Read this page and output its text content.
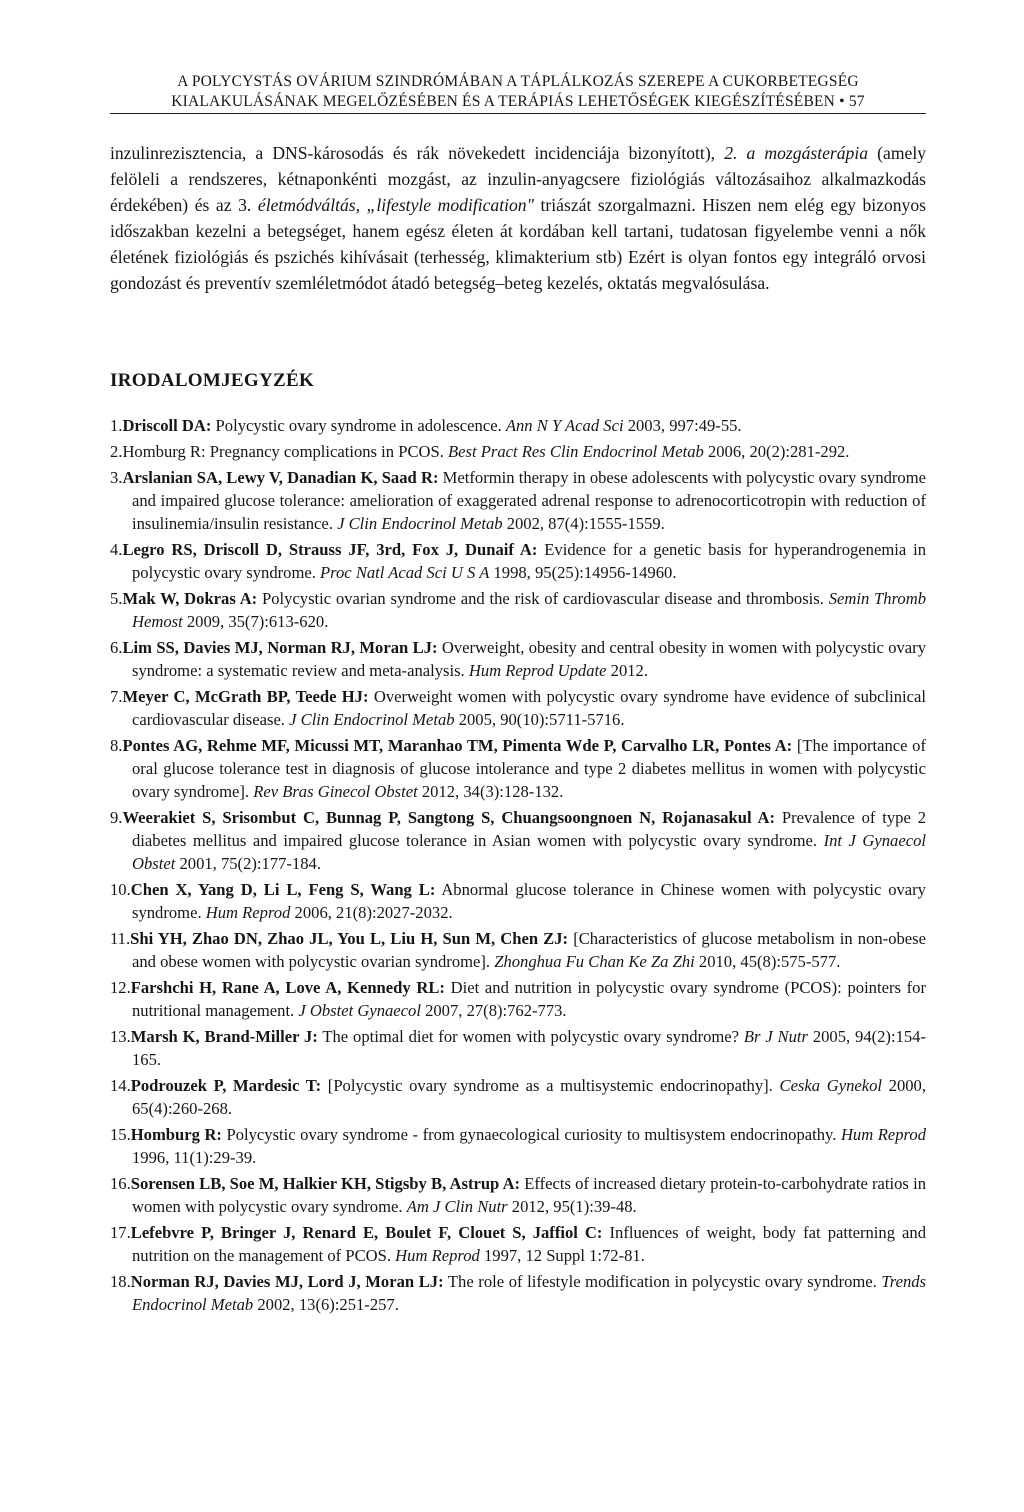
A POLYCYSTÁS OVÁRIUM SZINDRÓMÁBAN A TÁPLÁLKOZÁS SZEREPE A CUKORBETEGSÉG
KIALAKULÁSÁNAK MEGELŐZÉSÉBEN ÉS A TERÁPIÁS LEHETŐSÉGEK KIEGÉSZÍTÉSÉBEN • 57

inzulinrezisztencia, a DNS-károsodás és rák növekedett incidenciája bizonyított), 2. a mozgásterápia (amely felöleli a rendszeres, kétnaponkénti mozgást, az inzulin-anyagcsere fiziológiás változásaihoz alkalmazkodás érdekében) és az 3. életmódváltás, „lifestyle modification" triászát szorgalmazni. Hiszen nem elég egy bizonyos időszakban kezelni a betegséget, hanem egész életen át kordában kell tartani, tudatosan figyelembe venni a nők életének fiziológiás és pszichés kihívásait (terhesség, klimakterium stb) Ezért is olyan fontos egy integráló orvosi gondozást és preventív szemléletmódot átadó betegség–beteg kezelés, oktatás megvalósulása.

IRODALOMJEGYZÉK
1.Driscoll DA: Polycystic ovary syndrome in adolescence. Ann N Y Acad Sci 2003, 997:49-55.
2.Homburg R: Pregnancy complications in PCOS. Best Pract Res Clin Endocrinol Metab 2006, 20(2):281-292.
3.Arslanian SA, Lewy V, Danadian K, Saad R: Metformin therapy in obese adolescents with polycystic ovary syndrome and impaired glucose tolerance: amelioration of exaggerated adrenal response to adrenocorticotropin with reduction of insulinemia/insulin resistance. J Clin Endocrinol Metab 2002, 87(4):1555-1559.
4.Legro RS, Driscoll D, Strauss JF, 3rd, Fox J, Dunaif A: Evidence for a genetic basis for hyperandrogenemia in polycystic ovary syndrome. Proc Natl Acad Sci U S A 1998, 95(25):14956-14960.
5.Mak W, Dokras A: Polycystic ovarian syndrome and the risk of cardiovascular disease and thrombosis. Semin Thromb Hemost 2009, 35(7):613-620.
6.Lim SS, Davies MJ, Norman RJ, Moran LJ: Overweight, obesity and central obesity in women with polycystic ovary syndrome: a systematic review and meta-analysis. Hum Reprod Update 2012.
7.Meyer C, McGrath BP, Teede HJ: Overweight women with polycystic ovary syndrome have evidence of subclinical cardiovascular disease. J Clin Endocrinol Metab 2005, 90(10):5711-5716.
8.Pontes AG, Rehme MF, Micussi MT, Maranhao TM, Pimenta Wde P, Carvalho LR, Pontes A: [The importance of oral glucose tolerance test in diagnosis of glucose intolerance and type 2 diabetes mellitus in women with polycystic ovary syndrome]. Rev Bras Ginecol Obstet 2012, 34(3):128-132.
9.Weerakiet S, Srisombut C, Bunnag P, Sangtong S, Chuangsoongnoen N, Rojanasakul A: Prevalence of type 2 diabetes mellitus and impaired glucose tolerance in Asian women with polycystic ovary syndrome. Int J Gynaecol Obstet 2001, 75(2):177-184.
10.Chen X, Yang D, Li L, Feng S, Wang L: Abnormal glucose tolerance in Chinese women with polycystic ovary syndrome. Hum Reprod 2006, 21(8):2027-2032.
11.Shi YH, Zhao DN, Zhao JL, You L, Liu H, Sun M, Chen ZJ: [Characteristics of glucose metabolism in non-obese and obese women with polycystic ovarian syndrome]. Zhonghua Fu Chan Ke Za Zhi 2010, 45(8):575-577.
12.Farshchi H, Rane A, Love A, Kennedy RL: Diet and nutrition in polycystic ovary syndrome (PCOS): pointers for nutritional management. J Obstet Gynaecol 2007, 27(8):762-773.
13.Marsh K, Brand-Miller J: The optimal diet for women with polycystic ovary syndrome? Br J Nutr 2005, 94(2):154-165.
14.Podrouzek P, Mardesic T: [Polycystic ovary syndrome as a multisystemic endocrinopathy]. Ceska Gynekol 2000, 65(4):260-268.
15.Homburg R: Polycystic ovary syndrome - from gynaecological curiosity to multisystem endocrinopathy. Hum Reprod 1996, 11(1):29-39.
16.Sorensen LB, Soe M, Halkier KH, Stigsby B, Astrup A: Effects of increased dietary protein-to-carbohydrate ratios in women with polycystic ovary syndrome. Am J Clin Nutr 2012, 95(1):39-48.
17.Lefebvre P, Bringer J, Renard E, Boulet F, Clouet S, Jaffiol C: Influences of weight, body fat patterning and nutrition on the management of PCOS. Hum Reprod 1997, 12 Suppl 1:72-81.
18.Norman RJ, Davies MJ, Lord J, Moran LJ: The role of lifestyle modification in polycystic ovary syndrome. Trends Endocrinol Metab 2002, 13(6):251-257.
